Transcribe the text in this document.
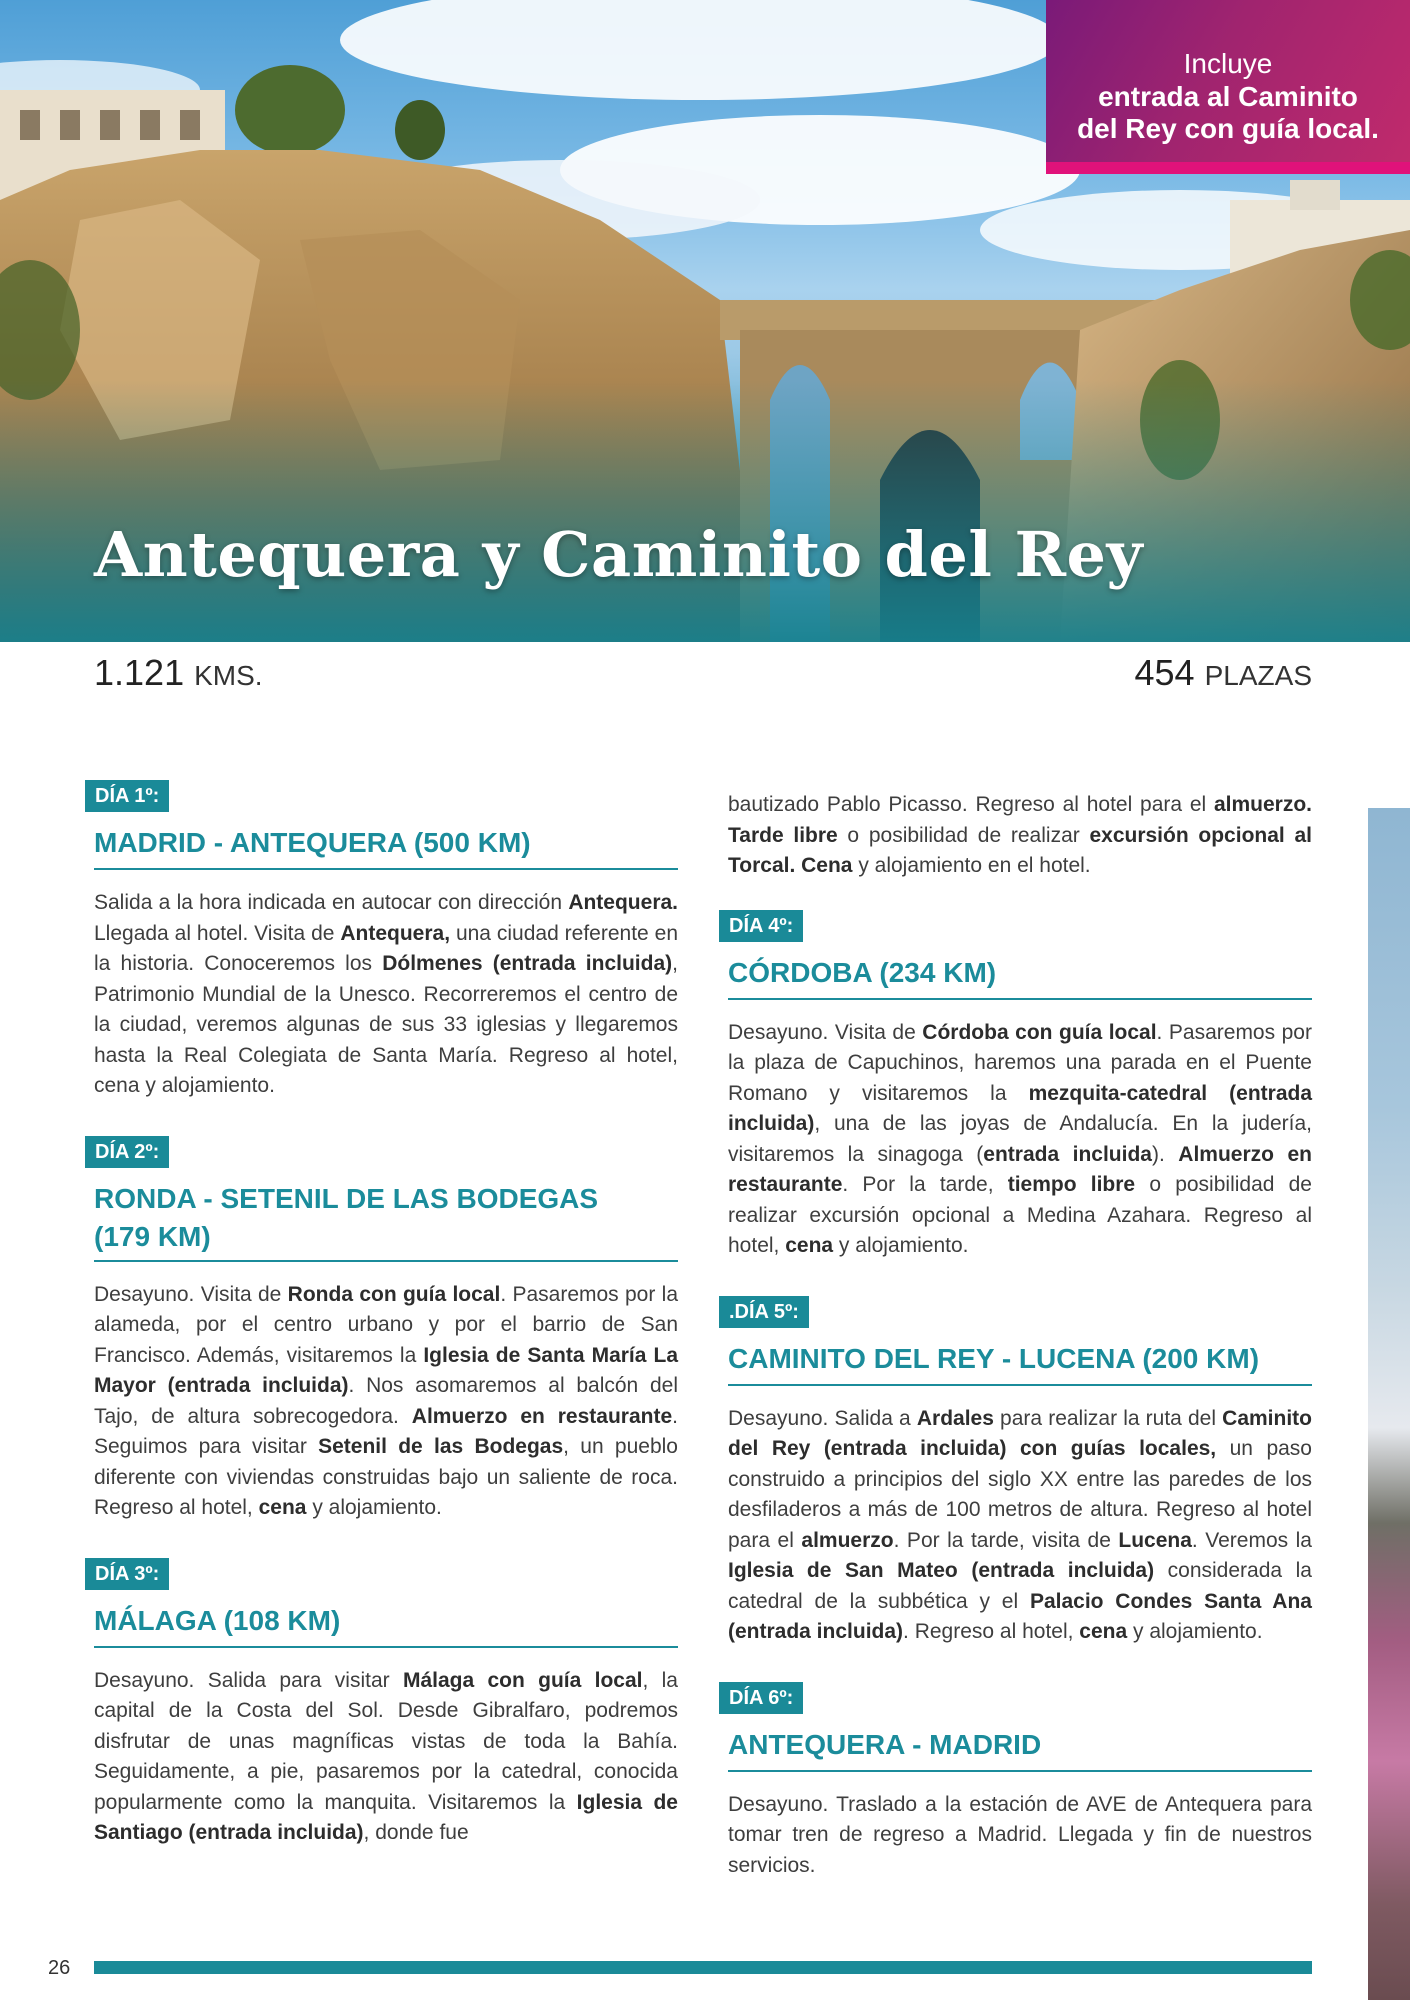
Antequera y Caminito del Rey
Incluye
entrada al Caminito
del Rey con guía local.
1.121 KMS.	454 PLAZAS
DÍA 1º:
MADRID - ANTEQUERA (500 KM)

Salida a la hora indicada en autocar con dirección Antequera. Llegada al hotel. Visita de Antequera, una ciudad referente en la historia. Conoceremos los Dólmenes (entrada incluida), Patrimonio Mundial de la Unesco. Recorreremos el centro de la ciudad, veremos algunas de sus 33 iglesias y llegaremos hasta la Real Colegiata de Santa María. Regreso al hotel, cena y alojamiento.

DÍA 2º:
RONDA - SETENIL DE LAS BODEGAS (179 KM)

Desayuno. Visita de Ronda con guía local. Pasaremos por la alameda, por el centro urbano y por el barrio de San Francisco. Además, visitaremos la Iglesia de Santa María La Mayor (entrada incluida). Nos asomaremos al balcón del Tajo, de altura sobrecogedora. Almuerzo en restaurante. Seguimos para visitar Setenil de las Bodegas, un pueblo diferente con viviendas construidas bajo un saliente de roca. Regreso al hotel, cena y alojamiento.

DÍA 3º:
MÁLAGA (108 KM)

Desayuno. Salida para visitar Málaga con guía local, la capital de la Costa del Sol. Desde Gibralfaro, podremos disfrutar de unas magníficas vistas de toda la Bahía. Seguidamente, a pie, pasaremos por la catedral, conocida popularmente como la manquita. Visitaremos la Iglesia de Santiago (entrada incluida), donde fue

bautizado Pablo Picasso. Regreso al hotel para el almuerzo. Tarde libre o posibilidad de realizar excursión opcional al Torcal. Cena y alojamiento en el hotel.

DÍA 4º:
CÓRDOBA (234 KM)

Desayuno. Visita de Córdoba con guía local. Pasaremos por la plaza de Capuchinos, haremos una parada en el Puente Romano y visitaremos la mezquita-catedral (entrada incluida), una de las joyas de Andalucía. En la judería, visitaremos la sinagoga (entrada incluida). Almuerzo en restaurante. Por la tarde, tiempo libre o posibilidad de realizar excursión opcional a Medina Azahara. Regreso al hotel, cena y alojamiento.

.DÍA 5º:
CAMINITO DEL REY - LUCENA (200 KM)

Desayuno. Salida a Ardales para realizar la ruta del Caminito del Rey (entrada incluida) con guías locales, un paso construido a principios del siglo XX entre las paredes de los desfiladeros a más de 100 metros de altura. Regreso al hotel para el almuerzo. Por la tarde, visita de Lucena. Veremos la Iglesia de San Mateo (entrada incluida) considerada la catedral de la subbética y el Palacio Condes Santa Ana (entrada incluida). Regreso al hotel, cena y alojamiento.

DÍA 6º:
ANTEQUERA - MADRID

Desayuno. Traslado a la estación de AVE de Antequera para tomar tren de regreso a Madrid. Llegada y fin de nuestros servicios.

26
